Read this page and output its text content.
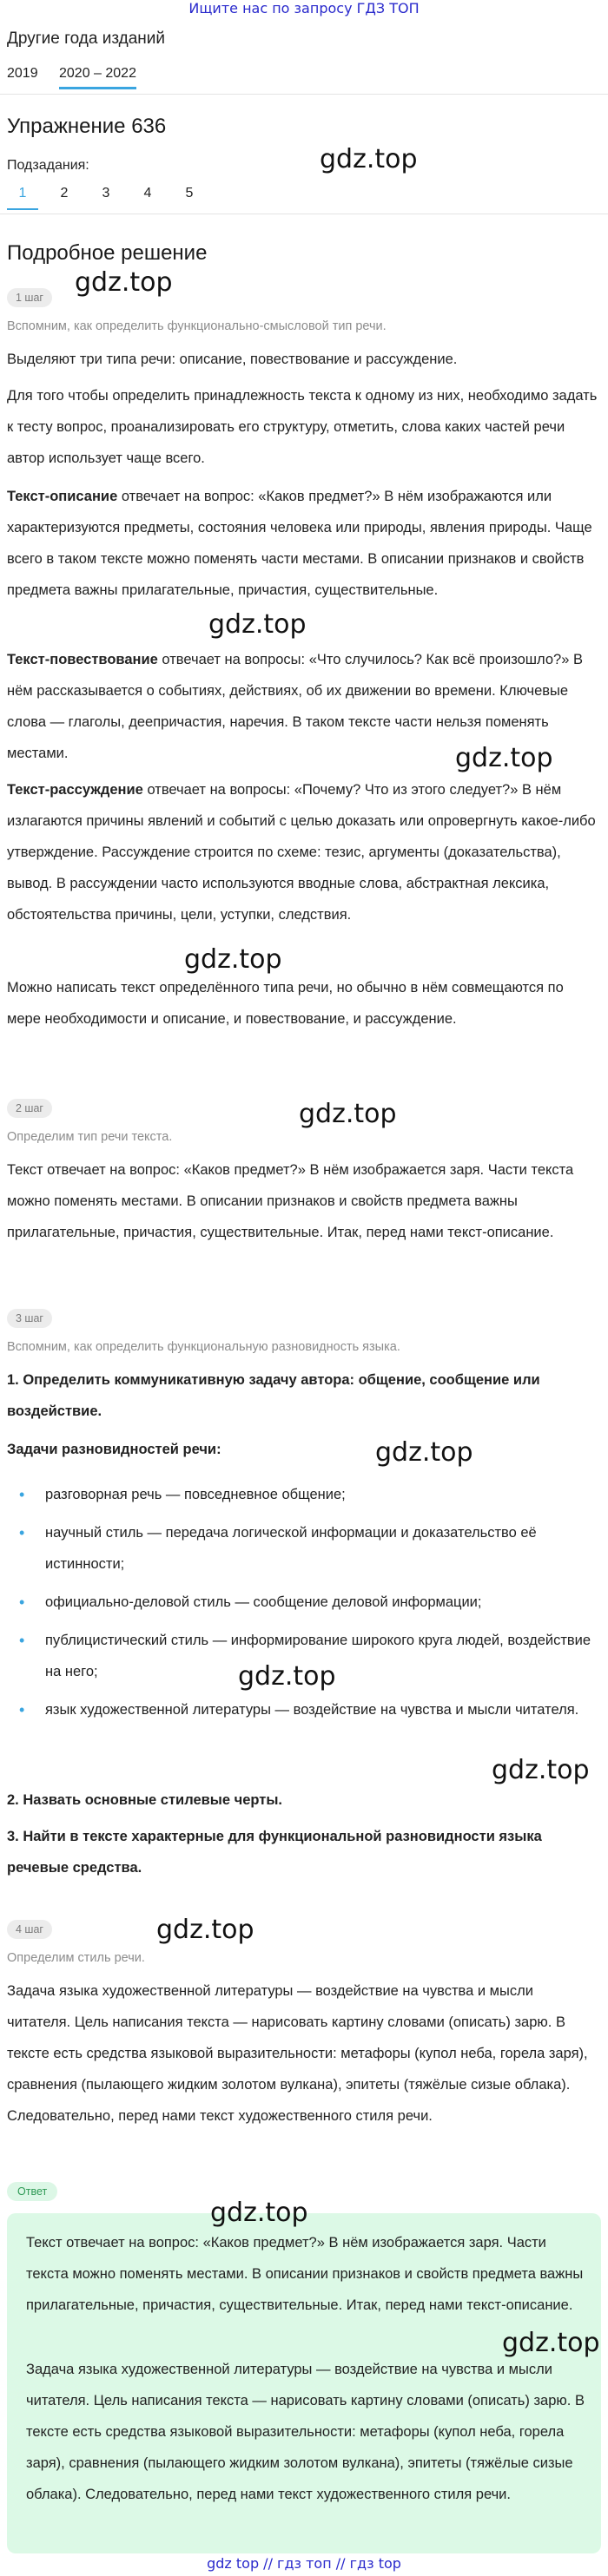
Ищите нас по запросу ГДЗ ТОП
Другие года изданий
2019 2020 – 2022
Упражнение 636
Подзадания:
1	2	3	4	5
Подробное решение
1 шаг
Вспомним, как определить функционально-смысловой тип речи.
Выделяют три типа речи: описание, повествование и рассуждение.
Для того чтобы определить принадлежность текста к одному из них, необходимо задать к тесту вопрос, проанализировать его структуру, отметить, слова каких частей речи автор использует чаще всего.
Текст-описание отвечает на вопрос: «Каков предмет?» В нём изображаются или характеризуются предметы, состояния человека или природы, явления природы. Чаще всего в таком тексте можно поменять части местами. В описании признаков и свойств предмета важны прилагательные, причастия, существительные.
Текст-повествование отвечает на вопросы: «Что случилось? Как всё произошло?» В нём рассказывается о событиях, действиях, об их движении во времени. Ключевые слова — глаголы, деепричастия, наречия. В таком тексте части нельзя поменять местами.
Текст-рассуждение отвечает на вопросы: «Почему? Что из этого следует?» В нём излагаются причины явлений и событий с целью доказать или опровергнуть какое-либо утверждение. Рассуждение строится по схеме: тезис, аргументы (доказательства), вывод. В рассуждении часто используются вводные слова, абстрактная лексика, обстоятельства причины, цели, уступки, следствия.
Можно написать текст определённого типа речи, но обычно в нём совмещаются по мере необходимости и описание, и повествование, и рассуждение.
2 шаг
Определим тип речи текста.
Текст отвечает на вопрос: «Каков предмет?» В нём изображается заря. Части текста можно поменять местами. В описании признаков и свойств предмета важны прилагательные, причастия, существительные. Итак, перед нами текст-описание.
3 шаг
Вспомним, как определить функциональную разновидность языка.
1. Определить коммуникативную задачу автора: общение, сообщение или воздействие.
Задачи разновидностей речи:
• разговорная речь — повседневное общение;
• научный стиль — передача логической информации и доказательство её истинности;
• официально-деловой стиль — сообщение деловой информации;
• публицистический стиль — информирование широкого круга людей, воздействие на него;
• язык художественной литературы — воздействие на чувства и мысли читателя.
2. Назвать основные стилевые черты.
3. Найти в тексте характерные для функциональной разновидности языка речевые средства.
4 шаг
Определим стиль речи.
Задача языка художественной литературы — воздействие на чувства и мысли читателя. Цель написания текста — нарисовать картину словами (описать) зарю. В тексте есть средства языковой выразительности: метафоры (купол неба, горела заря), сравнения (пылающего жидким золотом вулкана), эпитеты (тяжёлые сизые облака). Следовательно, перед нами текст художественного стиля речи.
Ответ
Текст отвечает на вопрос: «Каков предмет?» В нём изображается заря. Части текста можно поменять местами. В описании признаков и свойств предмета важны прилагательные, причастия, существительные. Итак, перед нами текст-описание.
Задача языка художественной литературы — воздействие на чувства и мысли читателя. Цель написания текста — нарисовать картину словами (описать) зарю. В тексте есть средства языковой выразительности: метафоры (купол неба, горела заря), сравнения (пылающего жидким золотом вулкана), эпитеты (тяжёлые сизые облака). Следовательно, перед нами текст художественного стиля речи.
gdz.top
gdz.top
gdz.top
gdz.top
gdz.top
gdz.top
gdz.top
gdz.top
gdz.top
gdz.top
gdz.top
gdz.top
gdz top // гдз топ // гдз top
